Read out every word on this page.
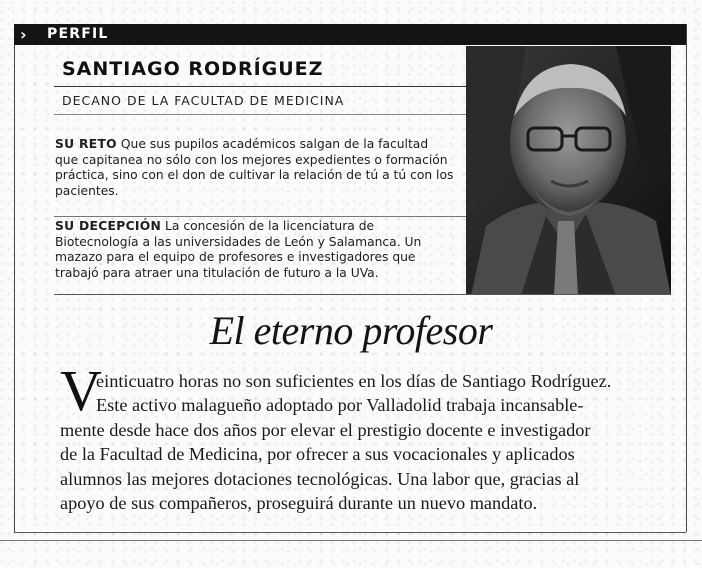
› PERFIL
SANTIAGO RODRÍGUEZ
DECANO DE LA FACULTAD DE MEDICINA
SU RETO Que sus pupilos académicos salgan de la facultad que capitanea no sólo con los mejores expedientes o formación práctica, sino con el don de cultivar la relación de tú a tú con los pacientes.
SU DECEPCIÓN La concesión de la licenciatura de Biotecnología a las universidades de León y Salamanca. Un mazazo para el equipo de profesores e investigadores que trabajó para atraer una titulación de futuro a la UVa.
El eterno profesor
V
einticuatro horas no son suficientes en los días de Santiago Rodríguez.
Este activo malagueño adoptado por Valladolid trabaja incansable-
mente desde hace dos años por elevar el prestigio docente e investigador
de la Facultad de Medicina, por ofrecer a sus vocacionales y aplicados
alumnos las mejores dotaciones tecnológicas. Una labor que, gracias al
apoyo de sus compañeros, proseguirá durante un nuevo mandato.
